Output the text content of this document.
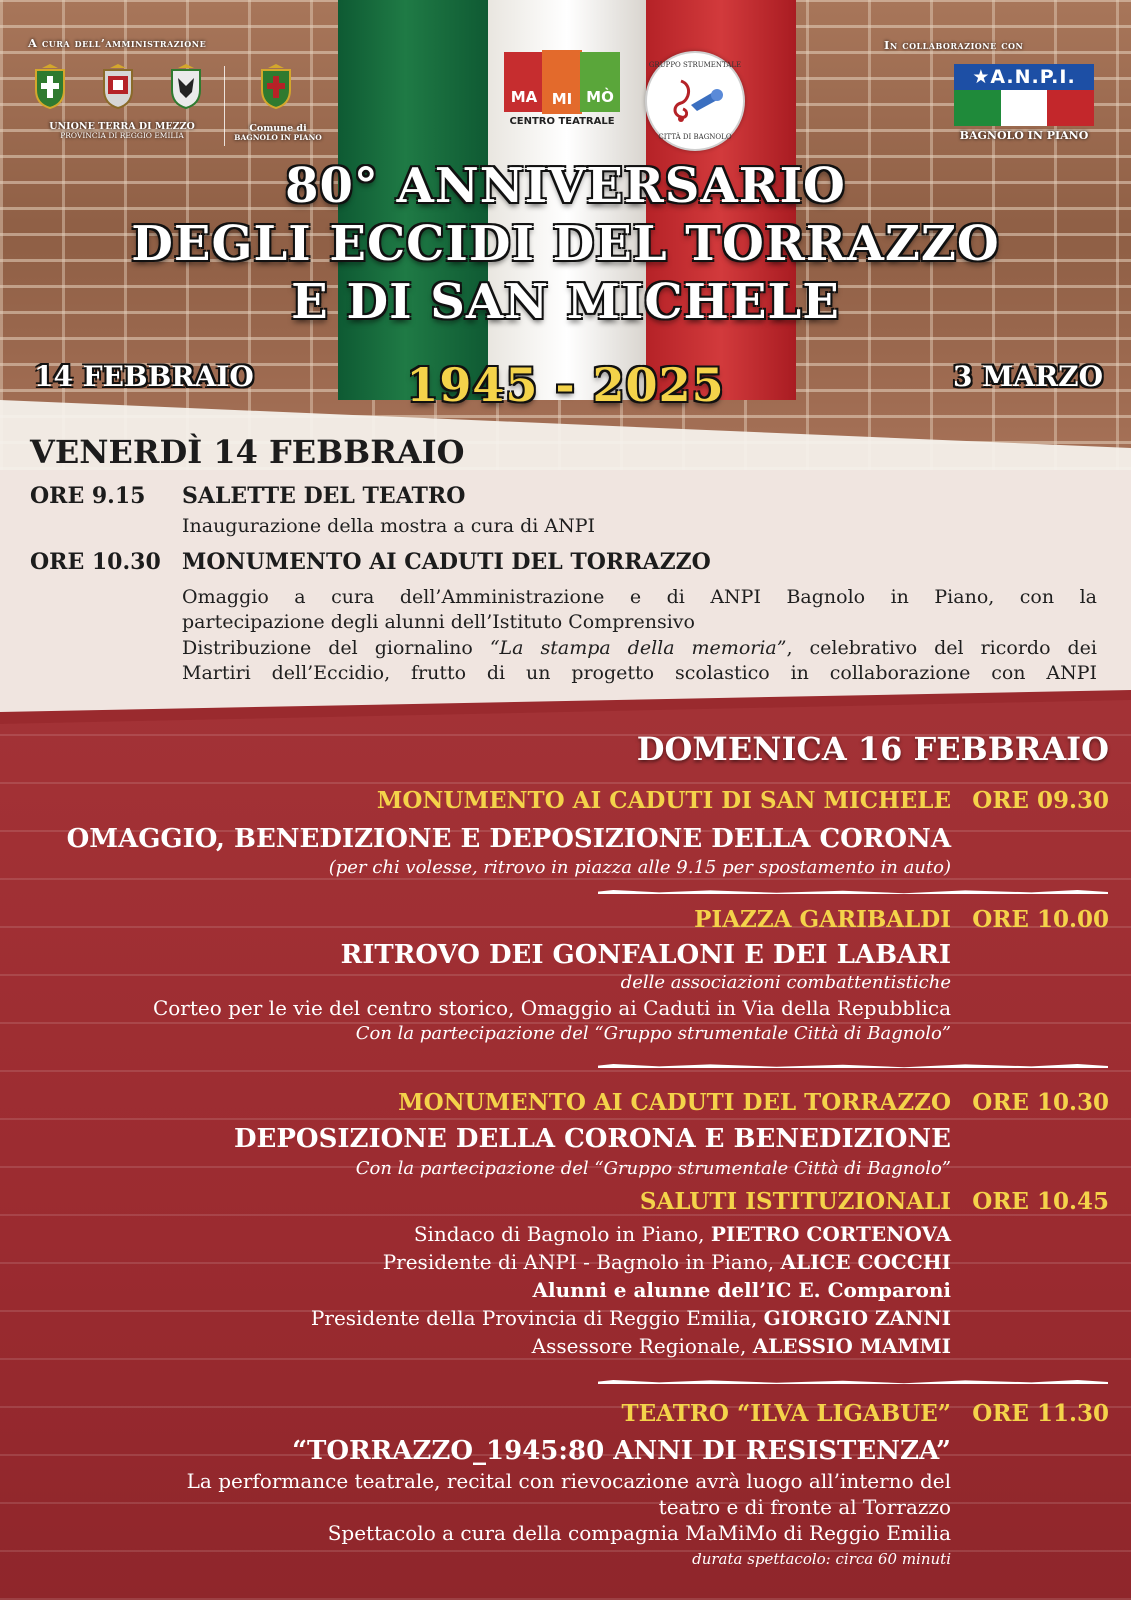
A cura dell’amministrazione
UNIONE TERRA DI MEZZO
PROVINCIA DI REGGIO EMILIA
Comune di
BAGNOLO IN PIANO
MA MI MÒ
CENTRO TEATRALE
GRUPPO STRUMENTALE
CITTÀ DI BAGNOLO
In collaborazione con
★A.N.P.I.
BAGNOLO IN PIANO
80° ANNIVERSARIO
DEGLI ECCIDI DEL TORRAZZO
E DI SAN MICHELE
14 FEBBRAIO	1945 - 2025	3 MARZO
VENERDÌ 14 FEBBRAIO
ORE 9.15 SALETTE DEL TEATRO
Inaugurazione della mostra a cura di ANPI
ORE 10.30 MONUMENTO AI CADUTI DEL TORRAZZO
Omaggio a cura dell’Amministrazione e di ANPI Bagnolo in Piano, con la
partecipazione degli alunni dell’Istituto Comprensivo
Distribuzione del giornalino “La stampa della memoria”, celebrativo del ricordo dei
Martiri dell’Eccidio, frutto di un progetto scolastico in collaborazione con ANPI
DOMENICA 16 FEBBRAIO
MONUMENTO AI CADUTI DI SAN MICHELE ORE 09.30
OMAGGIO, BENEDIZIONE E DEPOSIZIONE DELLA CORONA
(per chi volesse, ritrovo in piazza alle 9.15 per spostamento in auto)
PIAZZA GARIBALDI ORE 10.00
RITROVO DEI GONFALONI E DEI LABARI
delle associazioni combattentistiche
Corteo per le vie del centro storico, Omaggio ai Caduti in Via della Repubblica
Con la partecipazione del “Gruppo strumentale Città di Bagnolo”
MONUMENTO AI CADUTI DEL TORRAZZO ORE 10.30
DEPOSIZIONE DELLA CORONA E BENEDIZIONE
Con la partecipazione del “Gruppo strumentale Città di Bagnolo”
SALUTI ISTITUZIONALI ORE 10.45
Sindaco di Bagnolo in Piano, PIETRO CORTENOVA
Presidente di ANPI - Bagnolo in Piano, ALICE COCCHI
Alunni e alunne dell’IC E. Comparoni
Presidente della Provincia di Reggio Emilia, GIORGIO ZANNI
Assessore Regionale, ALESSIO MAMMI
TEATRO “ILVA LIGABUE” ORE 11.30
“TORRAZZO_1945:80 ANNI DI RESISTENZA”
La performance teatrale, recital con rievocazione avrà luogo all’interno del
teatro e di fronte al Torrazzo
Spettacolo a cura della compagnia MaMiMo di Reggio Emilia
durata spettacolo: circa 60 minuti
